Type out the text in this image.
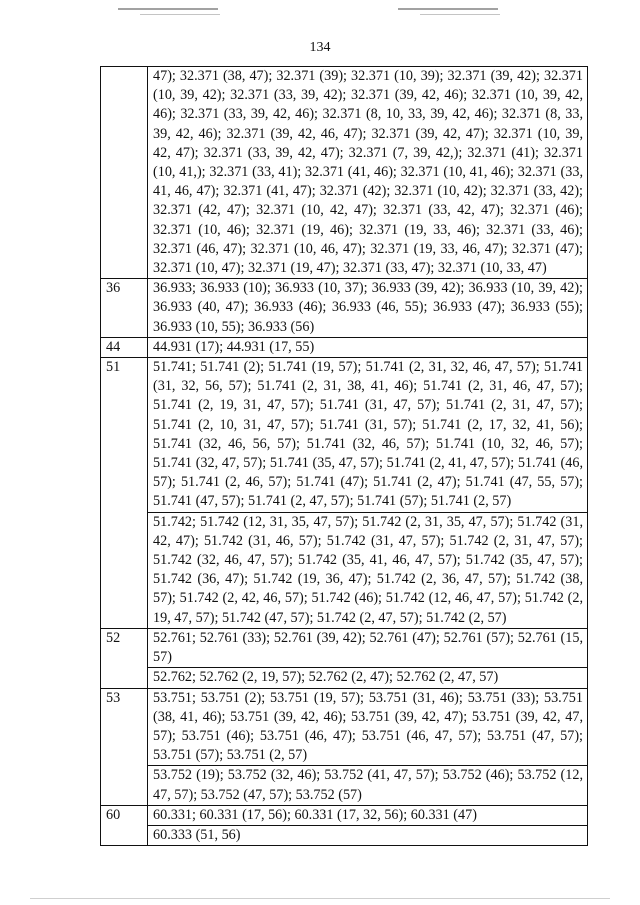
134
	47); 32.371 (38, 47); 32.371 (39); 32.371 (10, 39); 32.371 (39, 42); 32.371 (10, 39, 42); 32.371 (33, 39, 42); 32.371 (39, 42, 46); 32.371 (10, 39, 42, 46); 32.371 (33, 39, 42, 46); 32.371 (8, 10, 33, 39, 42, 46); 32.371 (8, 33, 39, 42, 46); 32.371 (39, 42, 46, 47); 32.371 (39, 42, 47); 32.371 (10, 39, 42, 47); 32.371 (33, 39, 42, 47); 32.371 (7, 39, 42,); 32.371 (41); 32.371 (10, 41,); 32.371 (33, 41); 32.371 (41, 46); 32.371 (10, 41, 46); 32.371 (33, 41, 46, 47); 32.371 (41, 47); 32.371 (42); 32.371 (10, 42); 32.371 (33, 42); 32.371 (42, 47); 32.371 (10, 42, 47); 32.371 (33, 42, 47); 32.371 (46); 32.371 (10, 46); 32.371 (19, 46); 32.371 (19, 33, 46); 32.371 (33, 46); 32.371 (46, 47); 32.371 (10, 46, 47); 32.371 (19, 33, 46, 47); 32.371 (47); 32.371 (10, 47); 32.371 (19, 47); 32.371 (33, 47); 32.371 (10, 33, 47)
36	36.933; 36.933 (10); 36.933 (10, 37); 36.933 (39, 42); 36.933 (10, 39, 42); 36.933 (40, 47); 36.933 (46); 36.933 (46, 55); 36.933 (47); 36.933 (55); 36.933 (10, 55); 36.933 (56)
44	44.931 (17); 44.931 (17, 55)
51	51.741; 51.741 (2); 51.741 (19, 57); 51.741 (2, 31, 32, 46, 47, 57); 51.741 (31, 32, 56, 57); 51.741 (2, 31, 38, 41, 46); 51.741 (2, 31, 46, 47, 57); 51.741 (2, 19, 31, 47, 57); 51.741 (31, 47, 57); 51.741 (2, 31, 47, 57); 51.741 (2, 10, 31, 47, 57); 51.741 (31, 57); 51.741 (2, 17, 32, 41, 56); 51.741 (32, 46, 56, 57); 51.741 (32, 46, 57); 51.741 (10, 32, 46, 57); 51.741 (32, 47, 57); 51.741 (35, 47, 57); 51.741 (2, 41, 47, 57); 51.741 (46, 57); 51.741 (2, 46, 57); 51.741 (47); 51.741 (2, 47); 51.741 (47, 55, 57); 51.741 (47, 57); 51.741 (2, 47, 57); 51.741 (57); 51.741 (2, 57)
	51.742; 51.742 (12, 31, 35, 47, 57); 51.742 (2, 31, 35, 47, 57); 51.742 (31, 42, 47); 51.742 (31, 46, 57); 51.742 (31, 47, 57); 51.742 (2, 31, 47, 57); 51.742 (32, 46, 47, 57); 51.742 (35, 41, 46, 47, 57); 51.742 (35, 47, 57); 51.742 (36, 47); 51.742 (19, 36, 47); 51.742 (2, 36, 47, 57); 51.742 (38, 57); 51.742 (2, 42, 46, 57); 51.742 (46); 51.742 (12, 46, 47, 57); 51.742 (2, 19, 47, 57); 51.742 (47, 57); 51.742 (2, 47, 57); 51.742 (2, 57)
52	52.761; 52.761 (33); 52.761 (39, 42); 52.761 (47); 52.761 (57); 52.761 (15, 57)
	52.762; 52.762 (2, 19, 57); 52.762 (2, 47); 52.762 (2, 47, 57)
53	53.751; 53.751 (2); 53.751 (19, 57); 53.751 (31, 46); 53.751 (33); 53.751 (38, 41, 46); 53.751 (39, 42, 46); 53.751 (39, 42, 47); 53.751 (39, 42, 47, 57); 53.751 (46); 53.751 (46, 47); 53.751 (46, 47, 57); 53.751 (47, 57); 53.751 (57); 53.751 (2, 57)
	53.752 (19); 53.752 (32, 46); 53.752 (41, 47, 57); 53.752 (46); 53.752 (12, 47, 57); 53.752 (47, 57); 53.752 (57)
60	60.331; 60.331 (17, 56); 60.331 (17, 32, 56); 60.331 (47)
	60.333 (51, 56)
